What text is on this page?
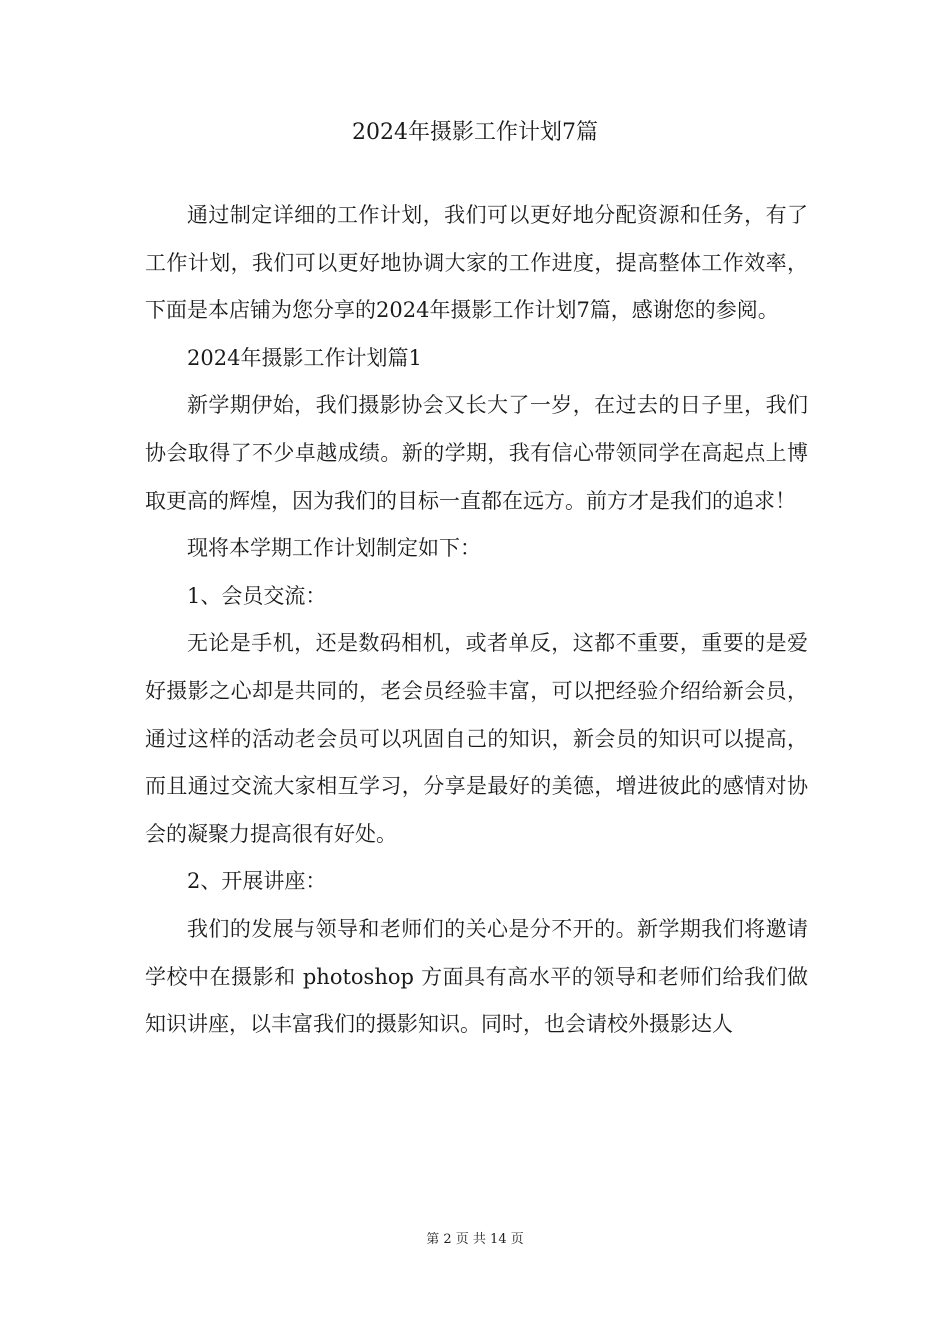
2024年摄影工作计划7篇

通过制定详细的工作计划，我们可以更好地分配资源和任务，有了工作计划，我们可以更好地协调大家的工作进度，提高整体工作效率，下面是本店铺为您分享的2024年摄影工作计划7篇，感谢您的参阅。

2024年摄影工作计划篇1

新学期伊始，我们摄影协会又长大了一岁，在过去的日子里，我们协会取得了不少卓越成绩。新的学期，我有信心带领同学在高起点上博取更高的辉煌，因为我们的目标一直都在远方。前方才是我们的追求！

现将本学期工作计划制定如下：

1、会员交流：

无论是手机，还是数码相机，或者单反，这都不重要，重要的是爱好摄影之心却是共同的，老会员经验丰富，可以把经验介绍给新会员，通过这样的活动老会员可以巩固自己的知识，新会员的知识可以提高，而且通过交流大家相互学习，分享是最好的美德，增进彼此的感情对协会的凝聚力提高很有好处。

2、开展讲座：

我们的发展与领导和老师们的关心是分不开的。新学期我们将邀请学校中在摄影和 photoshop 方面具有高水平的领导和老师们给我们做知识讲座，以丰富我们的摄影知识。同时，也会请校外摄影达人

第 2 页 共 14 页
